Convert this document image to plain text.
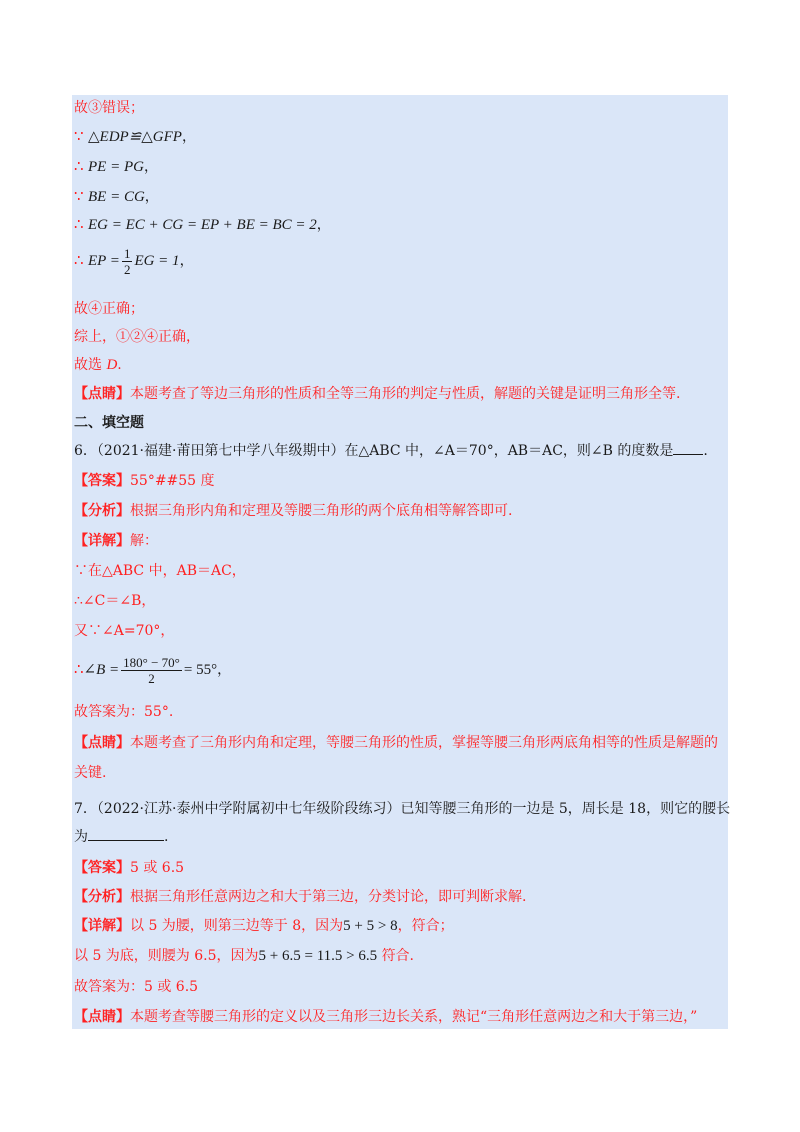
故③错误；
∵ △EDP≌△GFP，
∴ PE = PG，
∵ BE = CG，
∴ EG = EC + CG = EP + BE = BC = 2，
∴ EP = $\frac{1}{2}$ EG = 1，
故④正确；
综上，①②④正确，
故选 D.
【点睛】本题考查了等边三角形的性质和全等三角形的判定与性质，解题的关键是证明三角形全等.
二、填空题
6．（2021·福建·莆田第七中学八年级期中）在△ABC 中，∠A＝70°，AB＝AC，则∠B 的度数是 .
【答案】55°##55 度
【分析】根据三角形内角和定理及等腰三角形的两个底角相等解答即可.
【详解】解：
∵在△ABC 中，AB＝AC，
∴∠C＝∠B，
又∵∠A=70°，
∴∠B = $\frac{180^\circ - 70^\circ}{2} = 55^\circ$，
故答案为：55°.
【点睛】本题考查了三角形内角和定理，等腰三角形的性质，掌握等腰三角形两底角相等的性质是解题的
关键.
7．（2022·江苏·泰州中学附属初中七年级阶段练习）已知等腰三角形的一边是 5，周长是 18，则它的腰长
为	.
【答案】5 或 6.5
【分析】根据三角形任意两边之和大于第三边，分类讨论，即可判断求解.
【详解】以 5 为腰，则第三边等于 8，因为5 + 5 > 8，符合；
以 5 为底，则腰为 6.5，因为5 + 6.5 = 11.5 > 6.5 符合.
故答案为：5 或 6.5
【点睛】本题考查等腰三角形的定义以及三角形三边长关系，熟记“三角形任意两边之和大于第三边，”
